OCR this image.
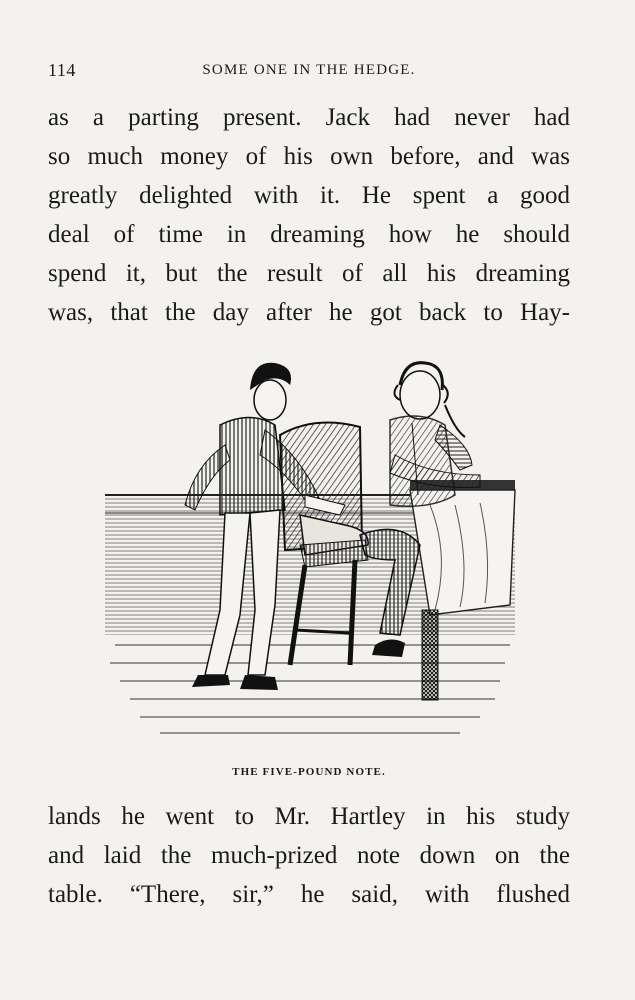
114	SOME ONE IN THE HEDGE.
as a parting present. Jack had never had
so much money of his own before, and was
greatly delighted with it. He spent a good
deal of time in dreaming how he should
spend it, but the result of all his dreaming
was, that the day after he got back to Hay-
THE FIVE-POUND NOTE.
lands he went to Mr. Hartley in his study
and laid the much-prized note down on the
table. “There, sir,” he said, with flushed
